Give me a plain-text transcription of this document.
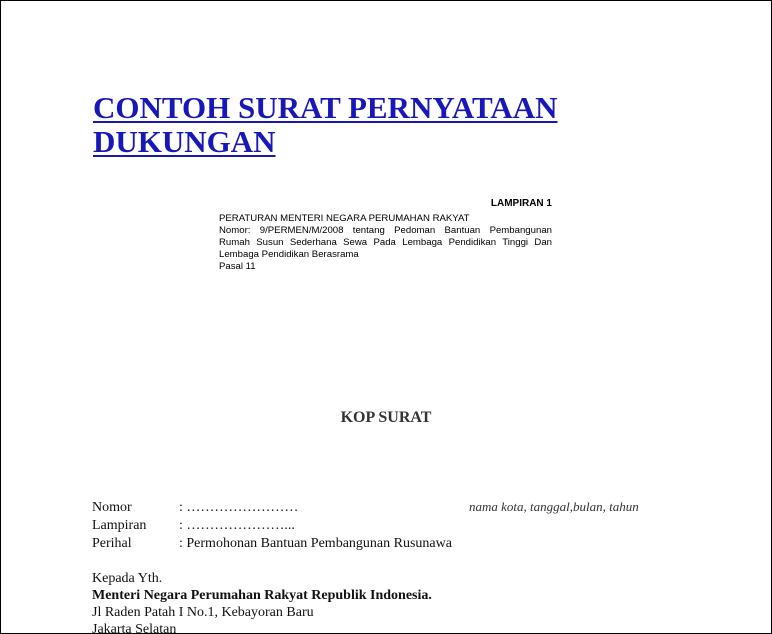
CONTOH SURAT PERNYATAAN
DUKUNGAN
LAMPIRAN 1
PERATURAN MENTERI NEGARA PERUMAHAN RAKYAT
Nomor: 9/PERMEN/M/2008 tentang Pedoman Bantuan Pembangunan Rumah Susun Sederhana Sewa Pada Lembaga Pendidikan Tinggi Dan Lembaga Pendidikan Berasrama
Pasal 11
KOP SURAT
Nomor	: ……………………
Lampiran : …………………...
Perihal	: Permohonan Bantuan Pembangunan Rusunawa
nama kota, tanggal,bulan, tahun
Kepada Yth.
Menteri Negara Perumahan Rakyat Republik Indonesia.
Jl Raden Patah I No.1, Kebayoran Baru
Jakarta Selatan
